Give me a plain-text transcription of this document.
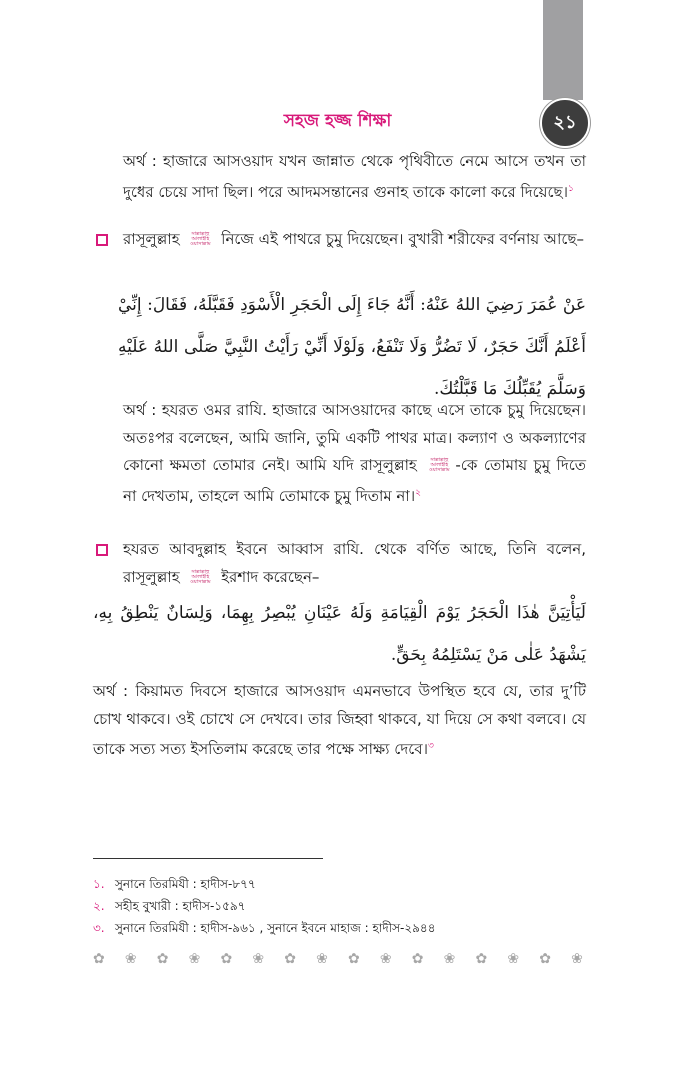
২১
সহজ হজ্জ শিক্ষা
অর্থ : হাজারে আসওয়াদ যখন জান্নাত থেকে পৃথিবীতে নেমে আসে তখন তা দুধের চেয়ে সাদা ছিল। পরে আদমসন্তানের গুনাহ তাকে কালো করে দিয়েছে।$^১$
রাসূলুল্লাহ সাল্লাল্লাহু আলাইহি ওয়াসাল্লাম নিজে এই পাথরে চুমু দিয়েছেন। বুখারী শরীফের বর্ণনায় আছে–
عَنْ عُمَرَ رَضِيَ اللهُ عَنْهُ: أَنَّهُ جَاءَ إِلَى الْحَجَرِ الْأَسْوَدِ فَقَبَّلَهُ، فَقَالَ: إِنِّيْ أَعْلَمُ أَنَّكَ حَجَرٌ، لَا تَضُرُّ وَلَا تَنْفَعُ، وَلَوْلَا أَنِّيْ رَأَيْتُ النَّبِيَّ صَلَّى اللهُ عَلَيْهِ وَسَلَّمَ يُقَبِّلُكَ مَا قَبَّلْتُكَ.
অর্থ : হযরত ওমর রাযি. হাজারে আসওয়াদের কাছে এসে তাকে চুমু দিয়েছেন। অতঃপর বলেছেন, আমি জানি, তুমি একটি পাথর মাত্র। কল্যাণ ও অকল্যাণের কোনো ক্ষমতা তোমার নেই। আমি যদি রাসূলুল্লাহ	সাল্লাল্লাহু আলাইহি ওয়াসাল্লাম -কে তোমায় চুমু দিতে না দেখতাম, তাহলে আমি তোমাকে চুমু দিতাম না।$^২$
হযরত আবদুল্লাহ ইবনে আব্বাস রাযি. থেকে বর্ণিত আছে, তিনি বলেন, রাসূলুল্লাহ সাল্লাল্লাহু আলাইহি ওয়াসাল্লাম ইরশাদ করেছেন–
لَيَأْتِيَنَّ هٰذَا الْحَجَرُ يَوْمَ الْقِيَامَةِ وَلَهُ عَيْنَانِ يُبْصِرُ بِهِمَا، وَلِسَانٌ يَنْطِقُ بِهِ، يَشْهَدُ عَلٰى مَنْ يَسْتَلِمُهُ بِحَقٍّ.
অর্থ : কিয়ামত দিবসে হাজারে আসওয়াদ এমনভাবে উপস্থিত হবে যে, তার দু’টি চোখ থাকবে। ওই চোখে সে দেখবে। তার জিহ্বা থাকবে, যা দিয়ে সে কথা বলবে। যে তাকে সত্য সত্য ইসতিলাম করেছে তার পক্ষে সাক্ষ্য দেবে।$^৩$
১. সুনানে তিরমিযী : হাদীস-৮৭৭
২. সহীহ বুখারী : হাদীস-১৫৯৭
৩. সুনানে তিরমিযী : হাদীস-৯৬১ , সুনানে ইবনে মাহাজ : হাদীস-২৯৪৪
✿ ❀ ✿ ❀ ✿ ❀ ✿ ❀ ✿ ❀ ✿ ❀ ✿ ❀ ✿ ❀
